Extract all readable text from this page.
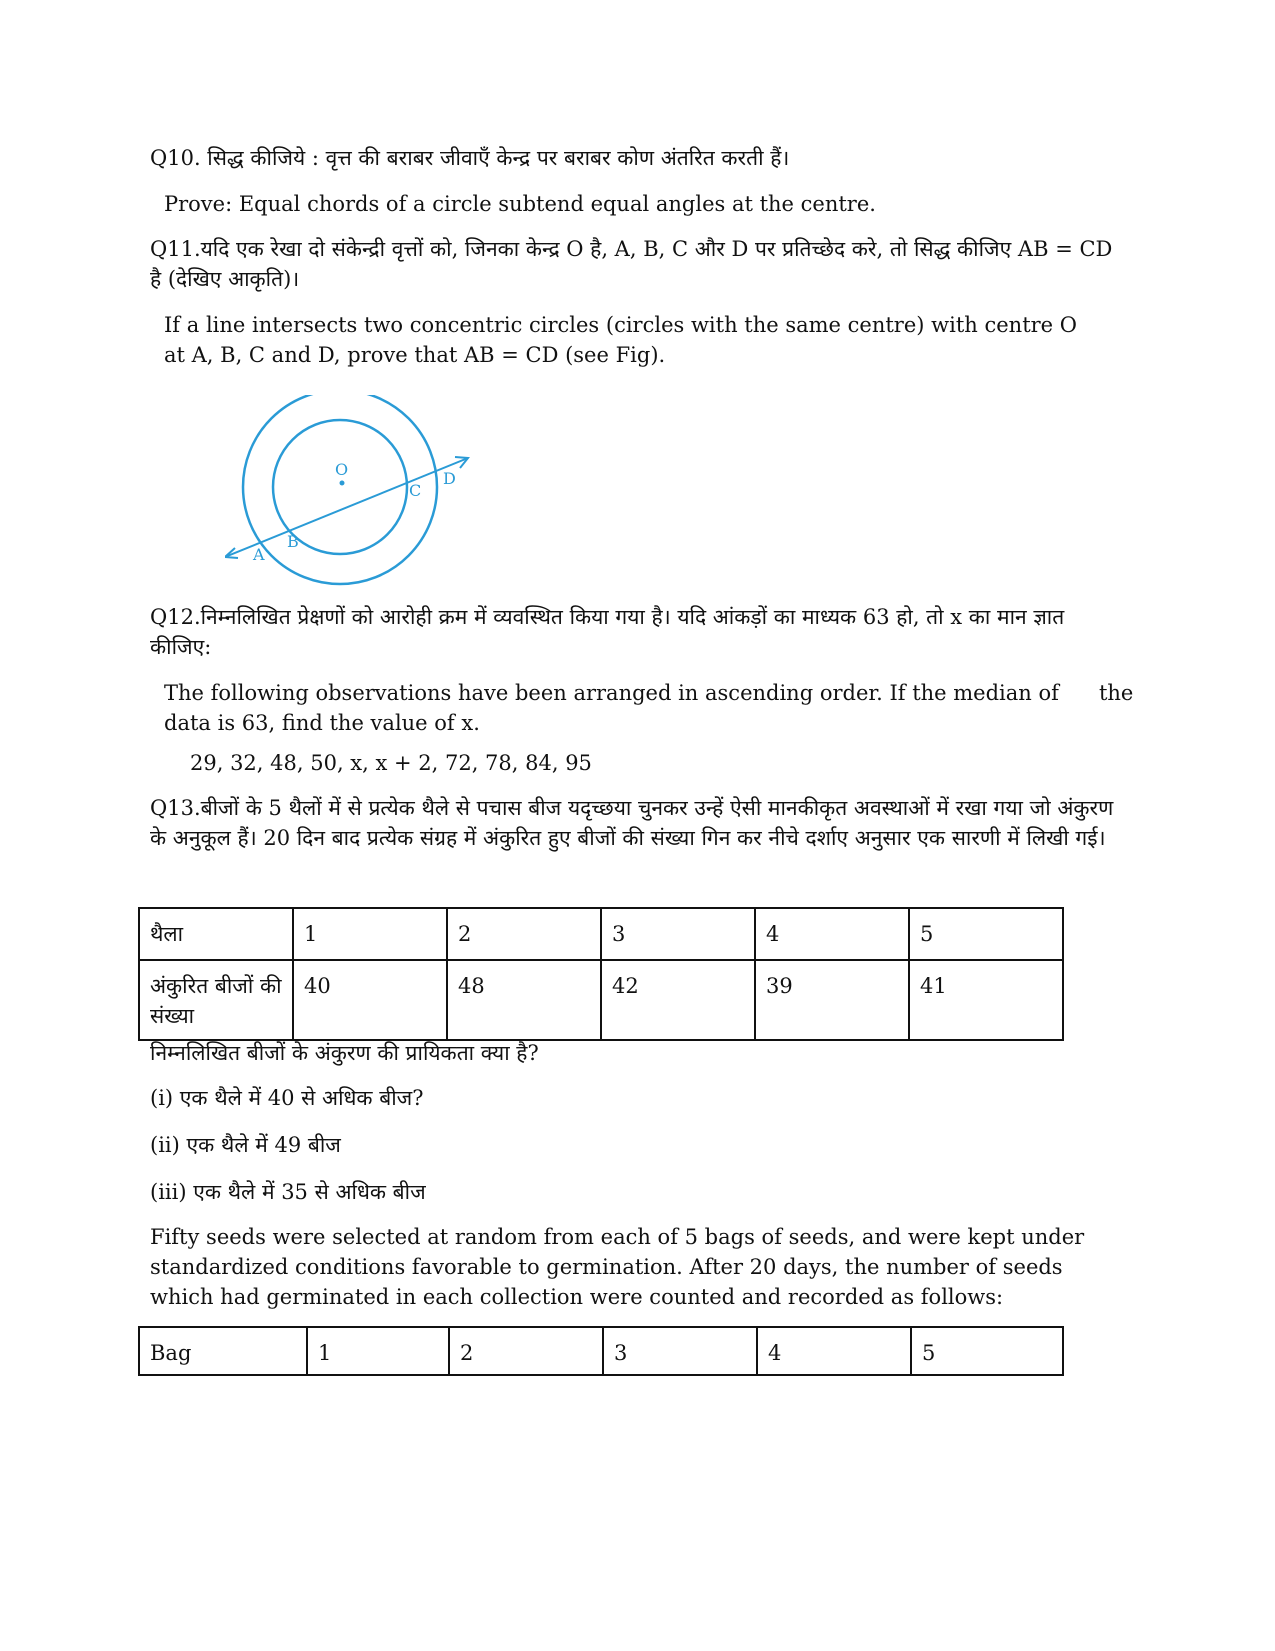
Q10. सिद्ध कीजिये : वृत्त की बराबर जीवाएँ केन्द्र पर बराबर कोण अंतरित करती हैं।

Prove: Equal chords of a circle subtend equal angles at the centre.

Q11.यदि एक रेखा दो संकेन्द्री वृत्तों को, जिनका केन्द्र O है, A, B, C और D पर प्रतिच्छेद करे, तो सिद्ध कीजिए AB = CD है (देखिए आकृति)।

If a line intersects two concentric circles (circles with the same centre) with centre O      at A, B, C and D, prove that AB = CD (see Fig).

O
A
B
C
D

Q12.निम्नलिखित प्रेक्षणों को आरोही क्रम में व्यवस्थित किया गया है। यदि आंकड़ों का माध्यक 63 हो, तो x का मान ज्ञात कीजिए:

The following observations have been arranged in ascending order. If the median of      the data is 63, find the value of x.

29, 32, 48, 50, x, x + 2, 72, 78, 84, 95

Q13.बीजों के 5 थैलों में से प्रत्येक थैले से पचास बीज यदृच्छया चुनकर उन्हें ऐसी मानकीकृत अवस्थाओं में रखा गया जो अंकुरण के अनुकूल हैं। 20 दिन बाद प्रत्येक संग्रह में अंकुरित हुए बीजों की संख्या गिन कर नीचे दर्शाए अनुसार एक सारणी में लिखी गई।

थैला	1	2	3	4	5
अंकुरित बीजों की संख्या	40	48	42	39	41

निम्नलिखित बीजों के अंकुरण की प्रायिकता क्या है?

(i) एक थैले में 40 से अधिक बीज?

(ii) एक थैले में 49 बीज

(iii) एक थैले में 35 से अधिक बीज

Fifty seeds were selected at random from each of 5 bags of seeds, and were kept under standardized conditions favorable to germination. After 20 days, the number of seeds which had germinated in each collection were counted and recorded as follows:

Bag	1	2	3	4	5
